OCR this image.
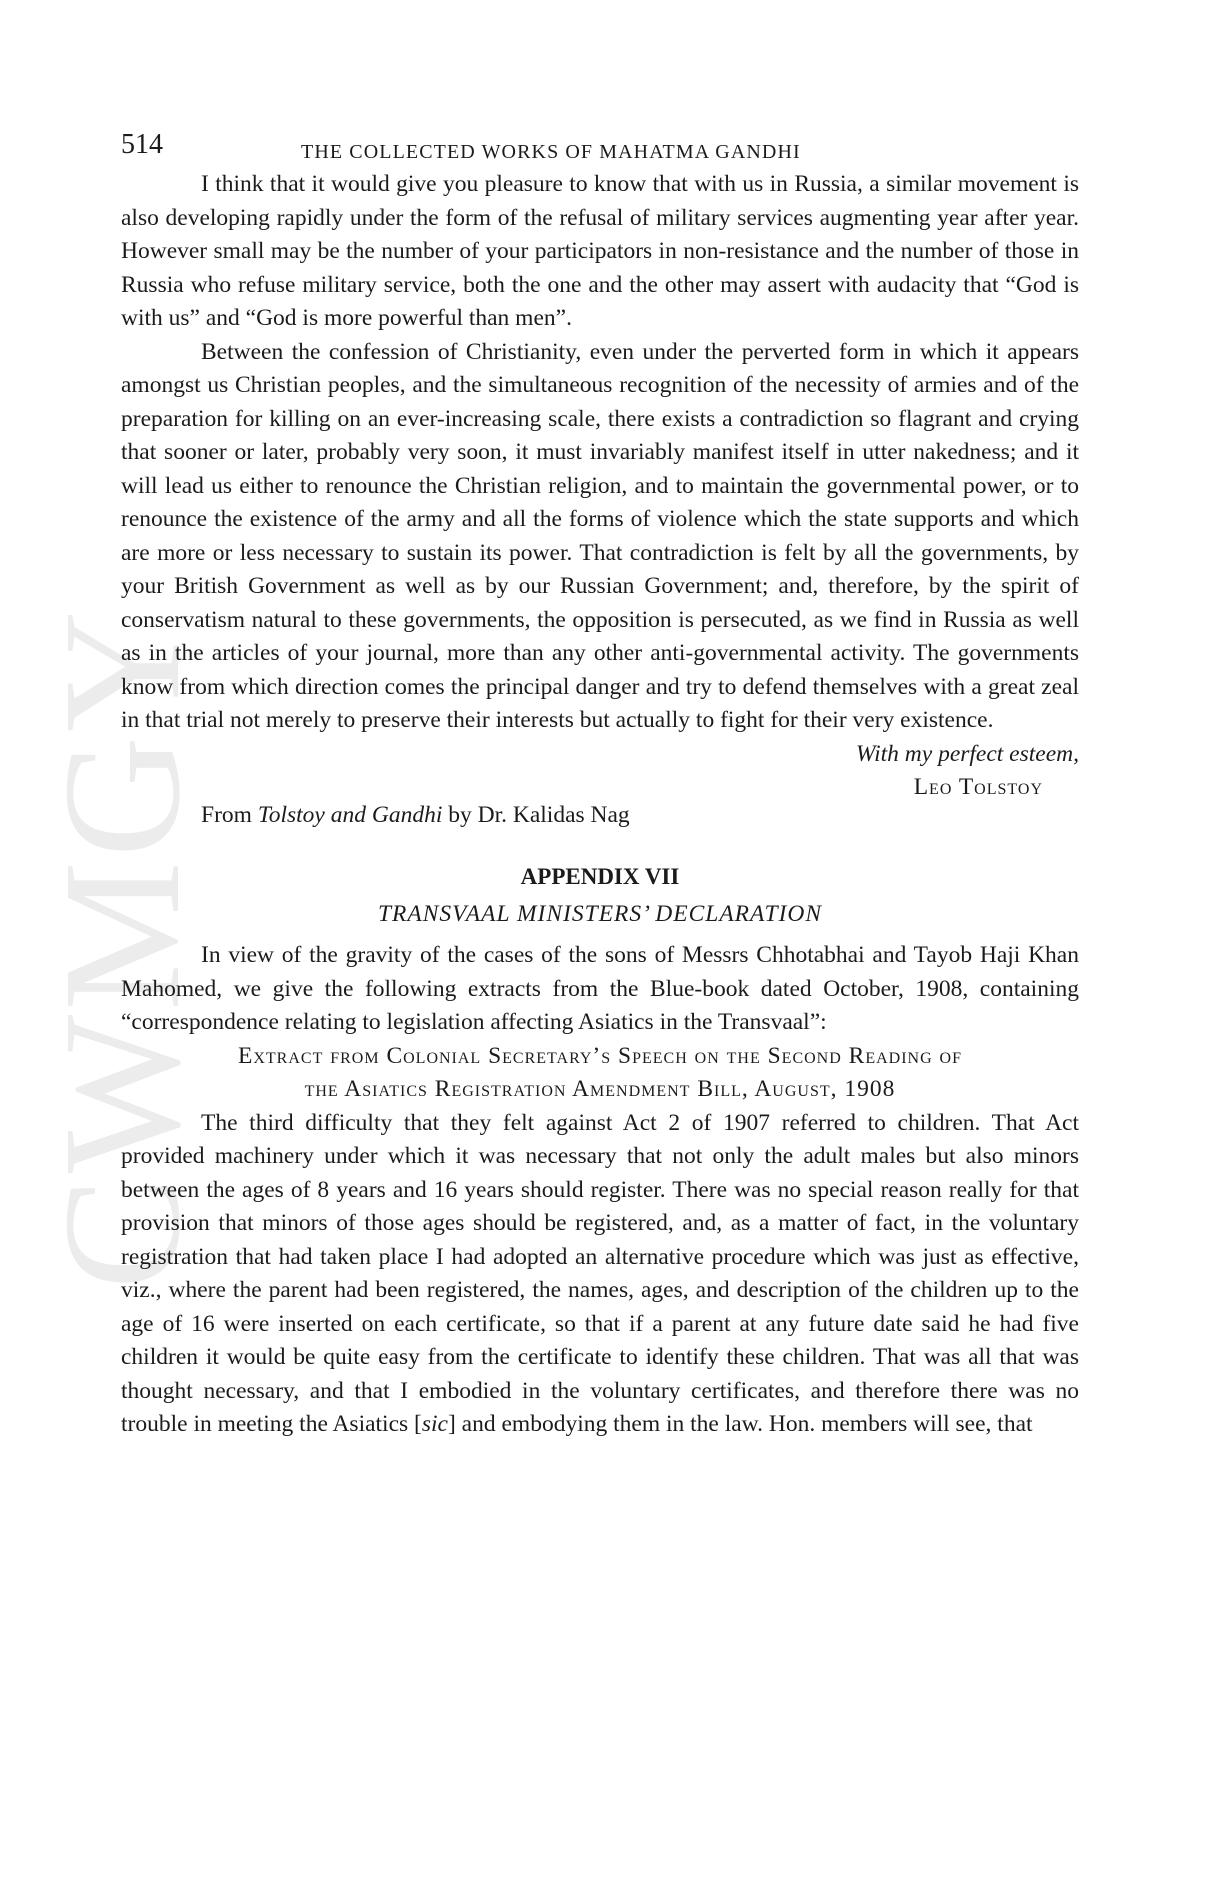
CWMGY
514	THE COLLECTED WORKS OF MAHATMA GANDHI

I think that it would give you pleasure to know that with us in Russia, a similar movement is also developing rapidly under the form of the refusal of military services augmenting year after year. However small may be the number of your participators in non-resistance and the number of those in Russia who refuse military service, both the one and the other may assert with audacity that “God is with us” and “God is more powerful than men”.

Between the confession of Christianity, even under the perverted form in which it appears amongst us Christian peoples, and the simultaneous recognition of the necessity of armies and of the preparation for killing on an ever-increasing scale, there exists a contradiction so flagrant and crying that sooner or later, probably very soon, it must invariably manifest itself in utter nakedness; and it will lead us either to renounce the Christian religion, and to maintain the governmental power, or to renounce the existence of the army and all the forms of violence which the state supports and which are more or less necessary to sustain its power. That contradiction is felt by all the governments, by your British Government as well as by our Russian Government; and, therefore, by the spirit of conservatism natural to these governments, the opposition is persecuted, as we find in Russia as well as in the articles of your journal, more than any other anti-governmental activity. The governments know from which direction comes the principal danger and try to defend themselves with a great zeal in that trial not merely to preserve their interests but actually to fight for their very existence.

With my perfect esteem,

Leo Tolstoy

From Tolstoy and Gandhi by Dr. Kalidas Nag

APPENDIX VII

TRANSVAAL MINISTERS’ DECLARATION

In view of the gravity of the cases of the sons of Messrs Chhotabhai and Tayob Haji Khan Mahomed, we give the following extracts from the Blue-book dated October, 1908, containing “correspondence relating to legislation affecting Asiatics in the Transvaal”:

Extract from Colonial Secretary’s Speech on the Second Reading of

the Asiatics Registration Amendment Bill, August, 1908

The third difficulty that they felt against Act 2 of 1907 referred to children. That Act provided machinery under which it was necessary that not only the adult males but also minors between the ages of 8 years and 16 years should register. There was no special reason really for that provision that minors of those ages should be registered, and, as a matter of fact, in the voluntary registration that had taken place I had adopted an alternative procedure which was just as effective, viz., where the parent had been registered, the names, ages, and description of the children up to the age of 16 were inserted on each certificate, so that if a parent at any future date said he had five children it would be quite easy from the certificate to identify these children. That was all that was thought necessary, and that I embodied in the voluntary certificates, and therefore there was no trouble in meeting the Asiatics [sic] and embodying them in the law. Hon. members will see, that
